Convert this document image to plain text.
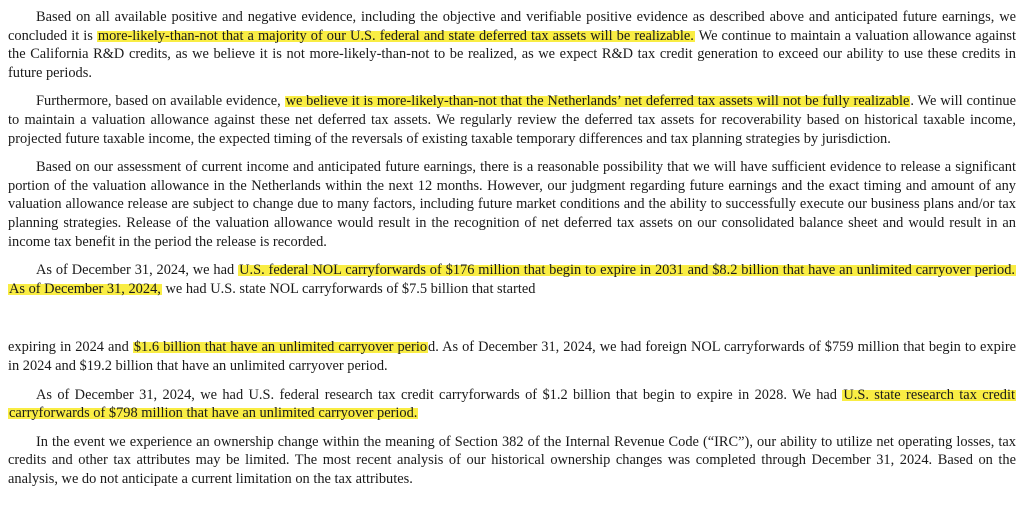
Based on all available positive and negative evidence, including the objective and verifiable positive evidence as described above and anticipated future earnings, we concluded it is more-likely-than-not that a majority of our U.S. federal and state deferred tax assets will be realizable. We continue to maintain a valuation allowance against the California R&D credits, as we believe it is not more-likely-than-not to be realized, as we expect R&D tax credit generation to exceed our ability to use these credits in future periods.

Furthermore, based on available evidence, we believe it is more-likely-than-not that the Netherlands’ net deferred tax assets will not be fully realizable. We will continue to maintain a valuation allowance against these net deferred tax assets. We regularly review the deferred tax assets for recoverability based on historical taxable income, projected future taxable income, the expected timing of the reversals of existing taxable temporary differences and tax planning strategies by jurisdiction.

Based on our assessment of current income and anticipated future earnings, there is a reasonable possibility that we will have sufficient evidence to release a significant portion of the valuation allowance in the Netherlands within the next 12 months. However, our judgment regarding future earnings and the exact timing and amount of any valuation allowance release are subject to change due to many factors, including future market conditions and the ability to successfully execute our business plans and/or tax planning strategies. Release of the valuation allowance would result in the recognition of net deferred tax assets on our consolidated balance sheet and would result in an income tax benefit in the period the release is recorded.

As of December 31, 2024, we had U.S. federal NOL carryforwards of $176 million that begin to expire in 2031 and $8.2 billion that have an unlimited carryover period. As of December 31, 2024, we had U.S. state NOL carryforwards of $7.5 billion that started

expiring in 2024 and $1.6 billion that have an unlimited carryover period. As of December 31, 2024, we had foreign NOL carryforwards of $759 million that begin to expire in 2024 and $19.2 billion that have an unlimited carryover period.

As of December 31, 2024, we had U.S. federal research tax credit carryforwards of $1.2 billion that begin to expire in 2028. We had U.S. state research tax credit carryforwards of $798 million that have an unlimited carryover period.

In the event we experience an ownership change within the meaning of Section 382 of the Internal Revenue Code (“IRC”), our ability to utilize net operating losses, tax credits and other tax attributes may be limited. The most recent analysis of our historical ownership changes was completed through December 31, 2024. Based on the analysis, we do not anticipate a current limitation on the tax attributes.
